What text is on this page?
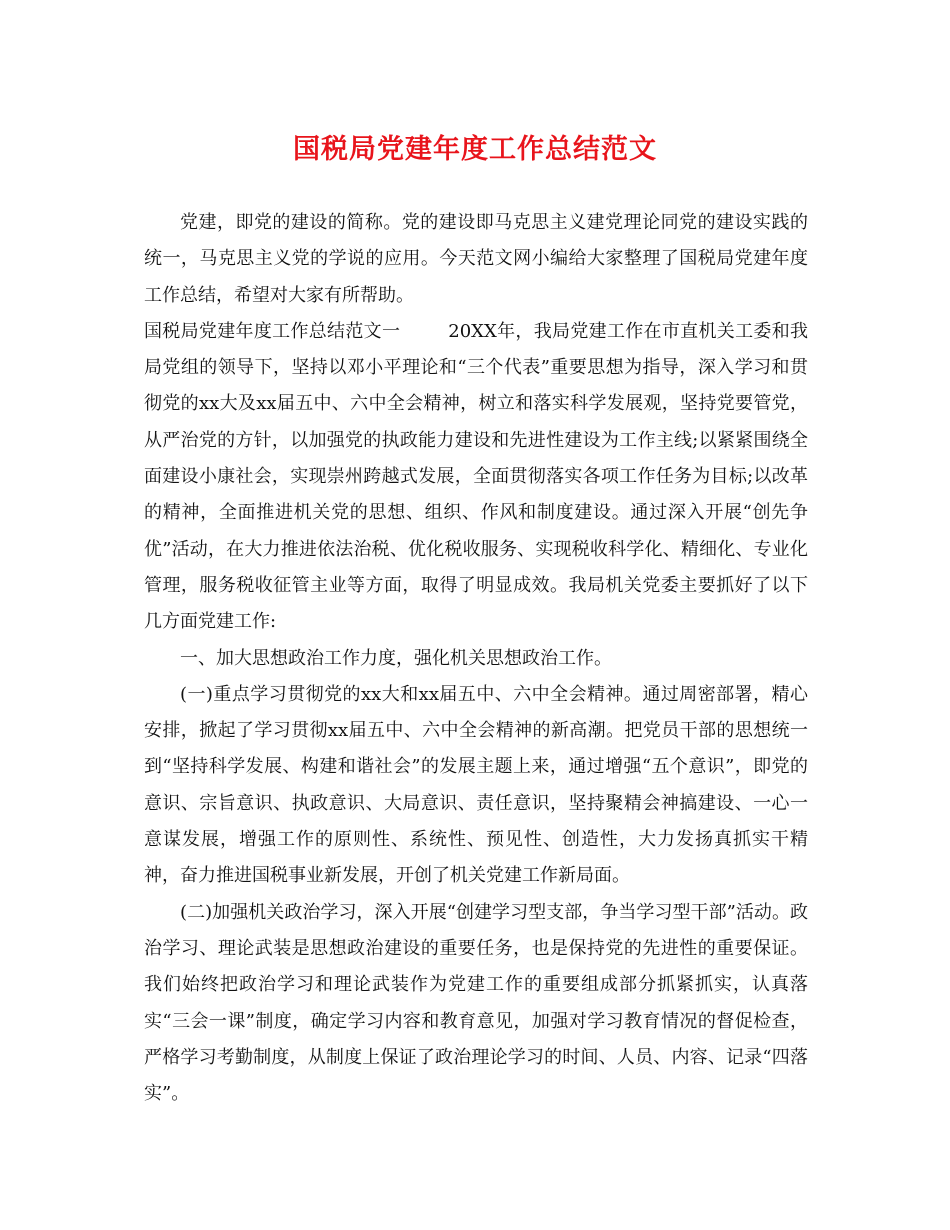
国税局党建年度工作总结范文

党建，即党的建设的简称。党的建设即马克思主义建党理论同党的建设实践的统一，马克思主义党的学说的应用。今天范文网小编给大家整理了国税局党建年度工作总结，希望对大家有所帮助。

国税局党建年度工作总结范文一	20XX年，我局党建工作在市直机关工委和我局党组的领导下，坚持以邓小平理论和“三个代表”重要思想为指导，深入学习和贯彻党的xx大及xx届五中、六中全会精神，树立和落实科学发展观，坚持党要管党，从严治党的方针，以加强党的执政能力建设和先进性建设为工作主线;以紧紧围绕全面建设小康社会，实现崇州跨越式发展，全面贯彻落实各项工作任务为目标;以改革的精神，全面推进机关党的思想、组织、作风和制度建设。通过深入开展“创先争优”活动，在大力推进依法治税、优化税收服务、实现税收科学化、精细化、专业化管理，服务税收征管主业等方面，取得了明显成效。我局机关党委主要抓好了以下几方面党建工作:

一、加大思想政治工作力度，强化机关思想政治工作。

(一)重点学习贯彻党的xx大和xx届五中、六中全会精神。通过周密部署，精心安排，掀起了学习贯彻xx届五中、六中全会精神的新高潮。把党员干部的思想统一到“坚持科学发展、构建和谐社会”的发展主题上来，通过增强“五个意识”，即党的意识、宗旨意识、执政意识、大局意识、责任意识，坚持聚精会神搞建设、一心一意谋发展，增强工作的原则性、系统性、预见性、创造性，大力发扬真抓实干精神，奋力推进国税事业新发展，开创了机关党建工作新局面。

(二)加强机关政治学习，深入开展“创建学习型支部，争当学习型干部”活动。政治学习、理论武装是思想政治建设的重要任务，也是保持党的先进性的重要保证。我们始终把政治学习和理论武装作为党建工作的重要组成部分抓紧抓实，认真落实“三会一课”制度，确定学习内容和教育意见，加强对学习教育情况的督促检查，严格学习考勤制度，从制度上保证了政治理论学习的时间、人员、内容、记录“四落实”。
